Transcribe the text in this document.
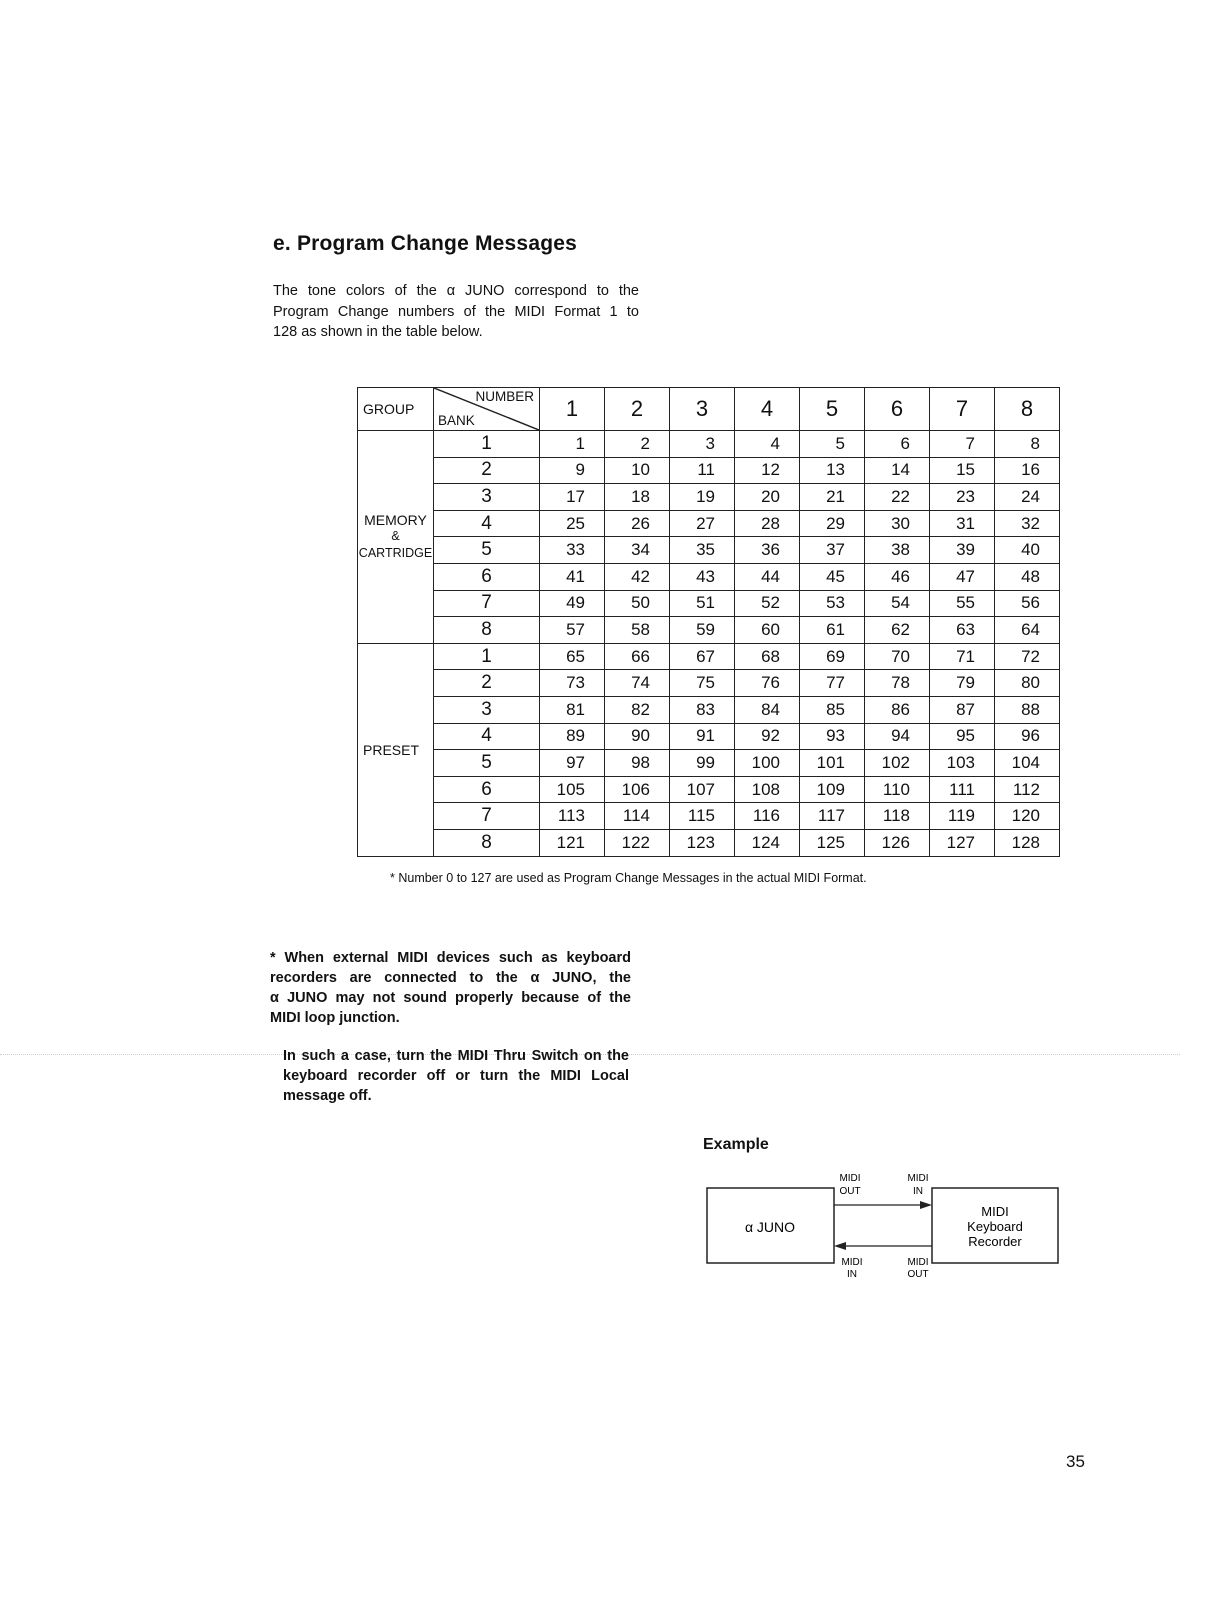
e. Program Change Messages

The tone colors of the α JUNO correspond to the
Program Change numbers of the MIDI Format 1 to
128 as shown in the table below.

GROUP	NUMBER
BANK	1	2	3	4	5	6	7	8

MEMORY
&
CARTRIDGE	1	1	2	3	4	5	6	7	8
	2	9	10	11	12	13	14	15	16
	3	17	18	19	20	21	22	23	24
	4	25	26	27	28	29	30	31	32
	5	33	34	35	36	37	38	39	40
	6	41	42	43	44	45	46	47	48
	7	49	50	51	52	53	54	55	56
	8	57	58	59	60	61	62	63	64

PRESET	1	65	66	67	68	69	70	71	72
	2	73	74	75	76	77	78	79	80
	3	81	82	83	84	85	86	87	88
	4	89	90	91	92	93	94	95	96
	5	97	98	99	100	101	102	103	104
	6	105	106	107	108	109	110	111	112
	7	113	114	115	116	117	118	119	120
	8	121	122	123	124	125	126	127	128

* Number 0 to 127 are used as Program Change Messages in the actual MIDI Format.

* When external MIDI devices such as keyboard
recorders are connected to the α JUNO, the
α JUNO may not sound properly because of the
MIDI loop junction.

In such a case, turn the MIDI Thru Switch on the
keyboard recorder off or turn the MIDI Local
message off.

Example

α JUNO
MIDI
Keyboard
Recorder
MIDI
OUT
MIDI
IN
MIDI
IN
MIDI
OUT

35
